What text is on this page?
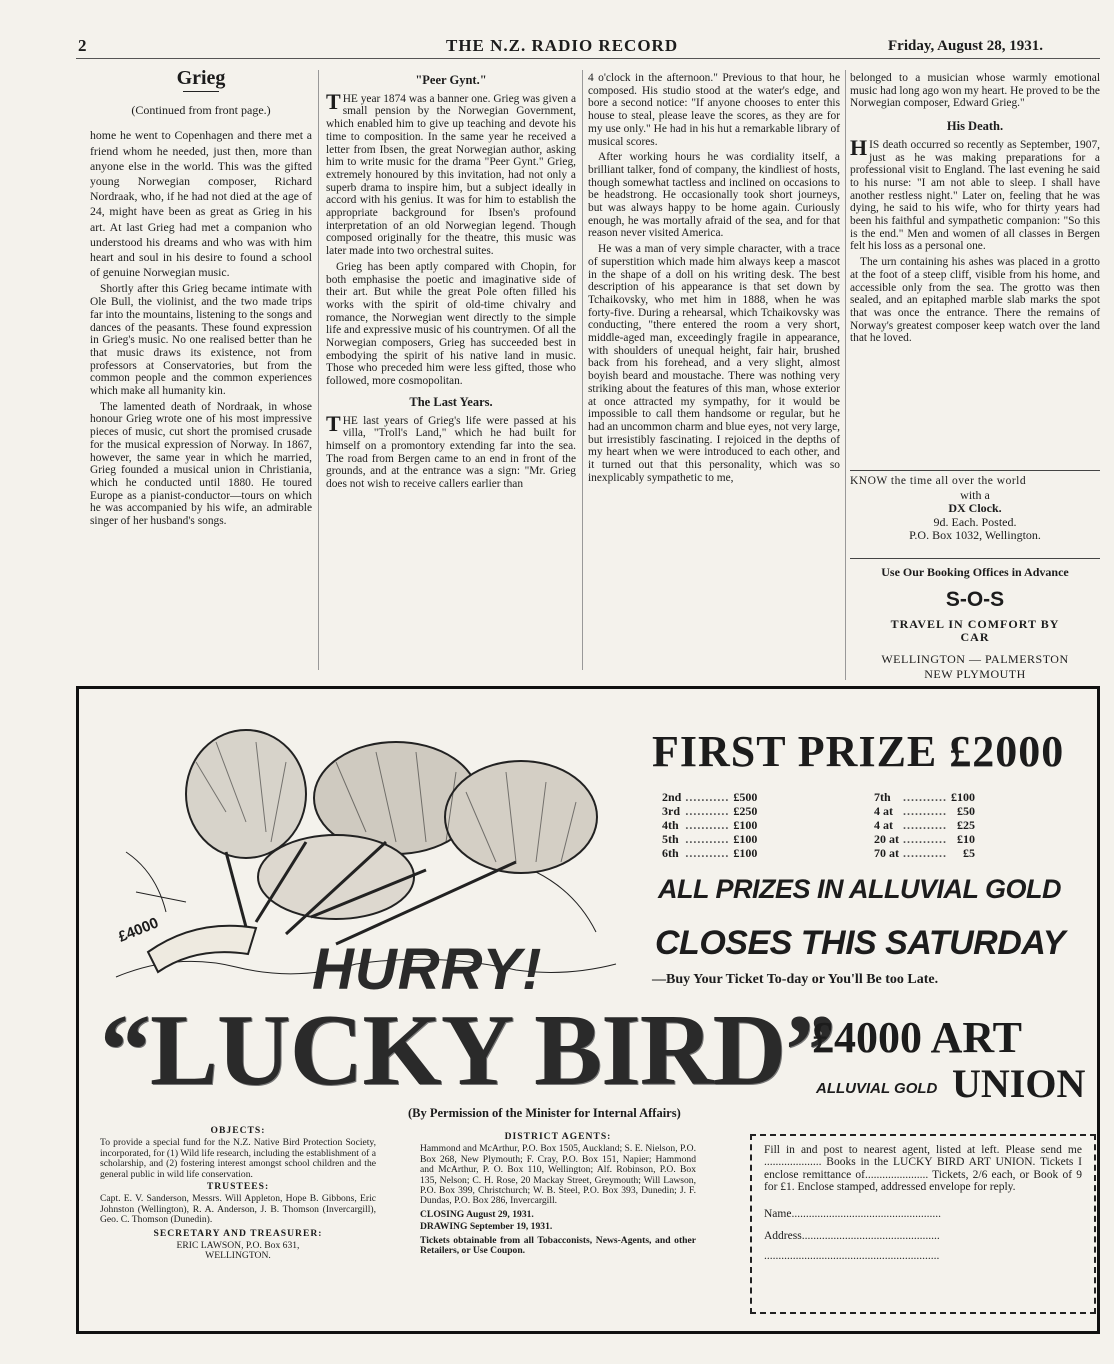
2	THE N.Z. RADIO RECORD	Friday, August 28, 1931.
Grieg
(Continued from front page.)

home he went to Copenhagen and there met a friend whom he needed, just then, more than anyone else in the world. This was the gifted young Norwegian composer, Richard Nordraak, who, if he had not died at the age of 24, might have been as great as Grieg in his art. At last Grieg had met a companion who understood his dreams and who was with him heart and soul in his desire to found a school of genuine Norwegian music.

Shortly after this Grieg became intimate with Ole Bull, the violinist, and the two made trips far into the mountains, listening to the songs and dances of the peasants. These found expression in Grieg's music. No one realised better than he that music draws its existence, not from professors at Conservatories, but from the common people and the common experiences which make all humanity kin.

The lamented death of Nordraak, in whose honour Grieg wrote one of his most impressive pieces of music, cut short the promised crusade for the musical expression of Norway. In 1867, however, the same year in which he married, Grieg founded a musical union in Christiania, which he conducted until 1880. He toured Europe as a pianist-conductor—tours on which he was accompanied by his wife, an admirable singer of her husband's songs.

"Peer Gynt."

THE year 1874 was a banner one. Grieg was given a small pension by the Norwegian Government, which enabled him to give up teaching and devote his time to composition. In the same year he received a letter from Ibsen, the great Norwegian author, asking him to write music for the drama "Peer Gynt." Grieg, extremely honoured by this invitation, had not only a superb drama to inspire him, but a subject ideally in accord with his genius. It was for him to establish the appropriate background for Ibsen's profound interpretation of an old Norwegian legend. Though composed originally for the theatre, this music was later made into two orchestral suites.

Grieg has been aptly compared with Chopin, for both emphasise the poetic and imaginative side of their art. But while the great Pole often filled his works with the spirit of old-time chivalry and romance, the Norwegian went directly to the simple life and expressive music of his countrymen. Of all the Norwegian composers, Grieg has succeeded best in embodying the spirit of his native land in music. Those who preceded him were less gifted, those who followed, more cosmopolitan.

The Last Years.

THE last years of Grieg's life were passed at his villa, "Troll's Land," which he had built for himself on a promontory extending far into the sea. The road from Bergen came to an end in front of the grounds, and at the entrance was a sign: "Mr. Grieg does not wish to receive callers earlier than

4 o'clock in the afternoon." Previous to that hour, he composed. His studio stood at the water's edge, and bore a second notice: "If anyone chooses to enter this house to steal, please leave the scores, as they are for my use only." He had in his hut a remarkable library of musical scores.

After working hours he was cordiality itself, a brilliant talker, fond of company, the kindliest of hosts, though somewhat tactless and inclined on occasions to be headstrong. He occasionally took short journeys, but was always happy to be home again. Curiously enough, he was mortally afraid of the sea, and for that reason never visited America.

He was a man of very simple character, with a trace of superstition which made him always keep a mascot in the shape of a doll on his writing desk. The best description of his appearance is that set down by Tchaikovsky, who met him in 1888, when he was forty-five. During a rehearsal, which Tchaikovsky was conducting, "there entered the room a very short, middle-aged man, exceedingly fragile in appearance, with shoulders of unequal height, fair hair, brushed back from his forehead, and a very slight, almost boyish beard and moustache. There was nothing very striking about the features of this man, whose exterior at once attracted my sympathy, for it would be impossible to call them handsome or regular, but he had an uncommon charm and blue eyes, not very large, but irresistibly fascinating. I rejoiced in the depths of my heart when we were introduced to each other, and it turned out that this personality, which was so inexplicably sympathetic to me,

belonged to a musician whose warmly emotional music had long ago won my heart. He proved to be the Norwegian composer, Edward Grieg."

His Death.

HIS death occurred so recently as September, 1907, just as he was making preparations for a professional visit to England. The last evening he said to his nurse: "I am not able to sleep. I shall have another restless night." Later on, feeling that he was dying, he said to his wife, who for thirty years had been his faithful and sympathetic companion: "So this is the end." Men and women of all classes in Bergen felt his loss as a personal one.

The urn containing his ashes was placed in a grotto at the foot of a steep cliff, visible from his home, and accessible only from the sea. The grotto was then sealed, and an epitaphed marble slab marks the spot that was once the entrance. There the remains of Norway's greatest composer keep watch over the land that he loved.

KNOW the time all over the world
with a
DX Clock.
9d. Each. Posted.
P.O. Box 1032, Wellington.
Use Our Booking Offices in Advance
S-O-S
TRAVEL IN COMFORT BY CAR
WELLINGTON — PALMERSTON
NEW PLYMOUTH
£4000
HURRY!
FIRST PRIZE £2000
2nd	...........	£500
3rd	...........	£250
4th	...........	£100
5th	...........	£100
6th	...........	£100
7th	...........	£100
4 at	...........	£50
4 at	...........	£25
20 at	...........	£10
70 at	...........	£5
ALL PRIZES IN ALLUVIAL GOLD
CLOSES THIS SATURDAY
—Buy Your Ticket To-day or You'll Be too Late.
“LUCKY BIRD”
£4000 ART
ALLUVIAL GOLD UNION
(By Permission of the Minister for Internal Affairs)
OBJECTS:
To provide a special fund for the N.Z. Native Bird Protection Society, incorporated, for (1) Wild life research, including the establishment of a scholarship, and (2) fostering interest amongst school children and the general public in wild life conservation.
TRUSTEES:
Capt. E. V. Sanderson, Messrs. Will Appleton, Hope B. Gibbons, Eric Johnston (Wellington), R. A. Anderson, J. B. Thomson (Invercargill), Geo. C. Thomson (Dunedin).
SECRETARY AND TREASURER:
ERIC LAWSON, P.O. Box 631,
WELLINGTON.
DISTRICT AGENTS:
Hammond and McArthur, P.O. Box 1505, Auckland; S. E. Nielson, P.O. Box 268, New Plymouth; F. Cray, P.O. Box 151, Napier; Hammond and McArthur, P. O. Box 110, Wellington; Alf. Robinson, P.O. Box 135, Nelson; C. H. Rose, 20 Mackay Street, Greymouth; Will Lawson, P.O. Box 399, Christchurch; W. B. Steel, P.O. Box 393, Dunedin; J. F. Dundas, P.O. Box 286, Invercargill.
CLOSING August 29, 1931.
DRAWING September 19, 1931.
Tickets obtainable from all Tobacconists, News-Agents, and other Retailers, or Use Coupon.
Fill in and post to nearest agent, listed at left. Please send me .................... Books in the LUCKY BIRD ART UNION. Tickets I enclose remittance of...................... Tickets, 2/6 each, or Book of 9 for £1. Enclose stamped, addressed envelope for reply.
Name....................................................
Address................................................
.............................................................
